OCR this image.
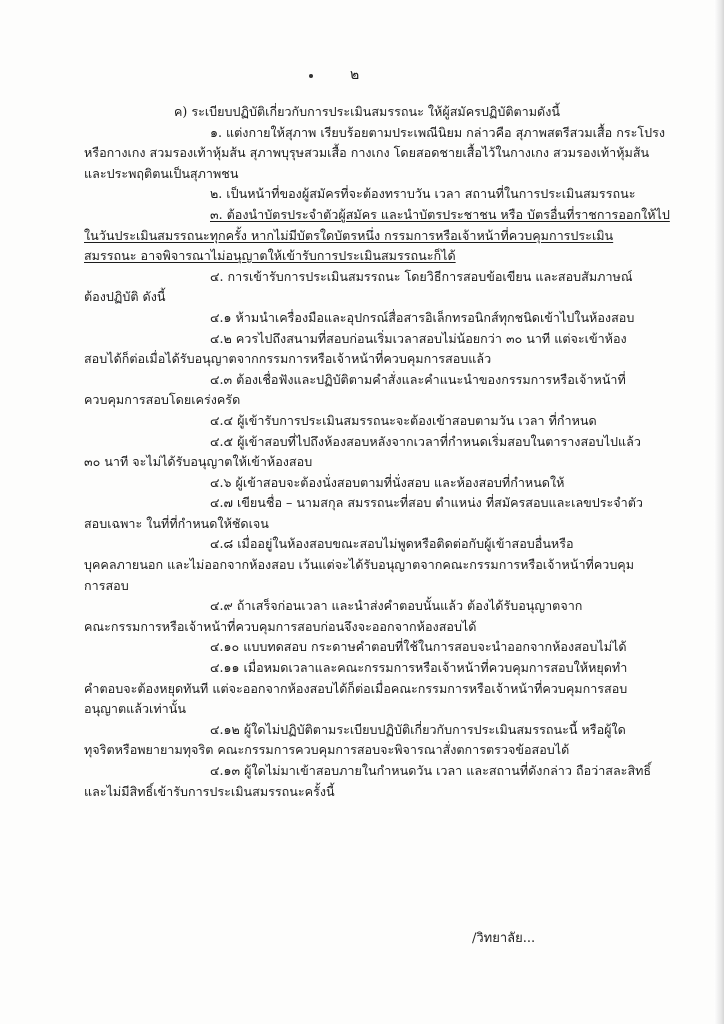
๒
ค) ระเบียบปฏิบัติเกี่ยวกับการประเมินสมรรถนะ ให้ผู้สมัครปฏิบัติตามดังนี้
๑. แต่งกายให้สุภาพ เรียบร้อยตามประเพณีนิยม กล่าวคือ สุภาพสตรีสวมเสื้อ กระโปรง
หรือกางเกง สวมรองเท้าหุ้มส้น สุภาพบุรุษสวมเสื้อ กางเกง โดยสอดชายเสื้อไว้ในกางเกง สวมรองเท้าหุ้มส้น
และประพฤติตนเป็นสุภาพชน
๒. เป็นหน้าที่ของผู้สมัครที่จะต้องทราบวัน เวลา สถานที่ในการประเมินสมรรถนะ
๓. ต้องนำบัตรประจำตัวผู้สมัคร และนำบัตรประชาชน หรือ บัตรอื่นที่ราชการออกให้ไป
ในวันประเมินสมรรถนะทุกครั้ง หากไม่มีบัตรใดบัตรหนึ่ง กรรมการหรือเจ้าหน้าที่ควบคุมการประเมิน
สมรรถนะ อาจพิจารณาไม่อนุญาตให้เข้ารับการประเมินสมรรถนะก็ได้
๔. การเข้ารับการประเมินสมรรถนะ โดยวิธีการสอบข้อเขียน และสอบสัมภาษณ์
ต้องปฏิบัติ ดังนี้
๔.๑ ห้ามนำเครื่องมือและอุปกรณ์สื่อสารอิเล็กทรอนิกส์ทุกชนิดเข้าไปในห้องสอบ
๔.๒ ควรไปถึงสนามที่สอบก่อนเริ่มเวลาสอบไม่น้อยกว่า ๓๐ นาที แต่จะเข้าห้อง
สอบได้ก็ต่อเมื่อได้รับอนุญาตจากกรรมการหรือเจ้าหน้าที่ควบคุมการสอบแล้ว
๔.๓ ต้องเชื่อฟังและปฏิบัติตามคำสั่งและคำแนะนำของกรรมการหรือเจ้าหน้าที่
ควบคุมการสอบโดยเคร่งครัด
๔.๔ ผู้เข้ารับการประเมินสมรรถนะจะต้องเข้าสอบตามวัน เวลา ที่กำหนด
๔.๕ ผู้เข้าสอบที่ไปถึงห้องสอบหลังจากเวลาที่กำหนดเริ่มสอบในตารางสอบไปแล้ว
๓๐ นาที จะไม่ได้รับอนุญาตให้เข้าห้องสอบ
๔.๖ ผู้เข้าสอบจะต้องนั่งสอบตามที่นั่งสอบ และห้องสอบที่กำหนดให้
๔.๗ เขียนชื่อ – นามสกุล สมรรถนะที่สอบ ตำแหน่ง ที่สมัครสอบและเลขประจำตัว
สอบเฉพาะ ในที่ที่กำหนดให้ชัดเจน
๔.๘ เมื่ออยู่ในห้องสอบขณะสอบไม่พูดหรือติดต่อกับผู้เข้าสอบอื่นหรือ
บุคคลภายนอก และไม่ออกจากห้องสอบ เว้นแต่จะได้รับอนุญาตจากคณะกรรมการหรือเจ้าหน้าที่ควบคุม
การสอบ
๔.๙ ถ้าเสร็จก่อนเวลา และนำส่งคำตอบนั้นแล้ว ต้องได้รับอนุญาตจาก
คณะกรรมการหรือเจ้าหน้าที่ควบคุมการสอบก่อนจึงจะออกจากห้องสอบได้
๔.๑๐ แบบทดสอบ กระดาษคำตอบที่ใช้ในการสอบจะนำออกจากห้องสอบไม่ได้
๔.๑๑ เมื่อหมดเวลาและคณะกรรมการหรือเจ้าหน้าที่ควบคุมการสอบให้หยุดทำ
คำตอบจะต้องหยุดทันที แต่จะออกจากห้องสอบได้ก็ต่อเมื่อคณะกรรมการหรือเจ้าหน้าที่ควบคุมการสอบ
อนุญาตแล้วเท่านั้น
๔.๑๒ ผู้ใดไม่ปฏิบัติตามระเบียบปฏิบัติเกี่ยวกับการประเมินสมรรถนะนี้ หรือผู้ใด
ทุจริตหรือพยายามทุจริต คณะกรรมการควบคุมการสอบจะพิจารณาสั่งตการตรวจข้อสอบได้
๔.๑๓ ผู้ใดไม่มาเข้าสอบภายในกำหนดวัน เวลา และสถานที่ดังกล่าว ถือว่าสละสิทธิ์
และไม่มีสิทธิ์เข้ารับการประเมินสมรรถนะครั้งนี้
/วิทยาลัย...
